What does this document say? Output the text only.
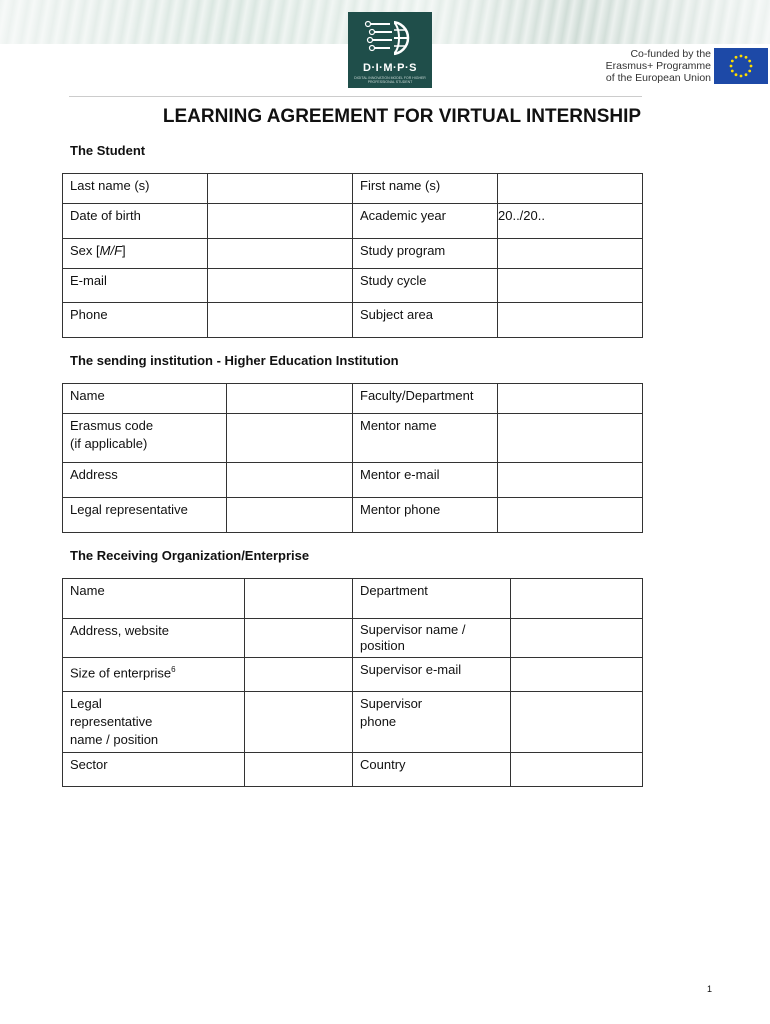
D·I·M·P·S
DIGITAL INNOVATION MODEL FOR HIGHER PROFESSIONAL STUDENT
Co-funded by the
Erasmus+ Programme
of the European Union
LEARNING AGREEMENT FOR VIRTUAL INTERNSHIP
The Student
Last name (s)		First name (s)	
Date of birth		Academic year	20../20..
Sex [M/F]		Study program	
E-mail		Study cycle	
Phone		Subject area	
The sending institution - Higher Education Institution
Name		Faculty/Department	

Erasmus code
(if applicable)		Mentor name	
Address		Mentor e-mail	
Legal representative		Mentor phone	
The Receiving Organization/Enterprise
Name		Department	
Address, website		Supervisor name / position	
Size of enterprise$^6$		Supervisor e-mail	
Legal representative name / position		Supervisor phone	
Sector		Country	
1
